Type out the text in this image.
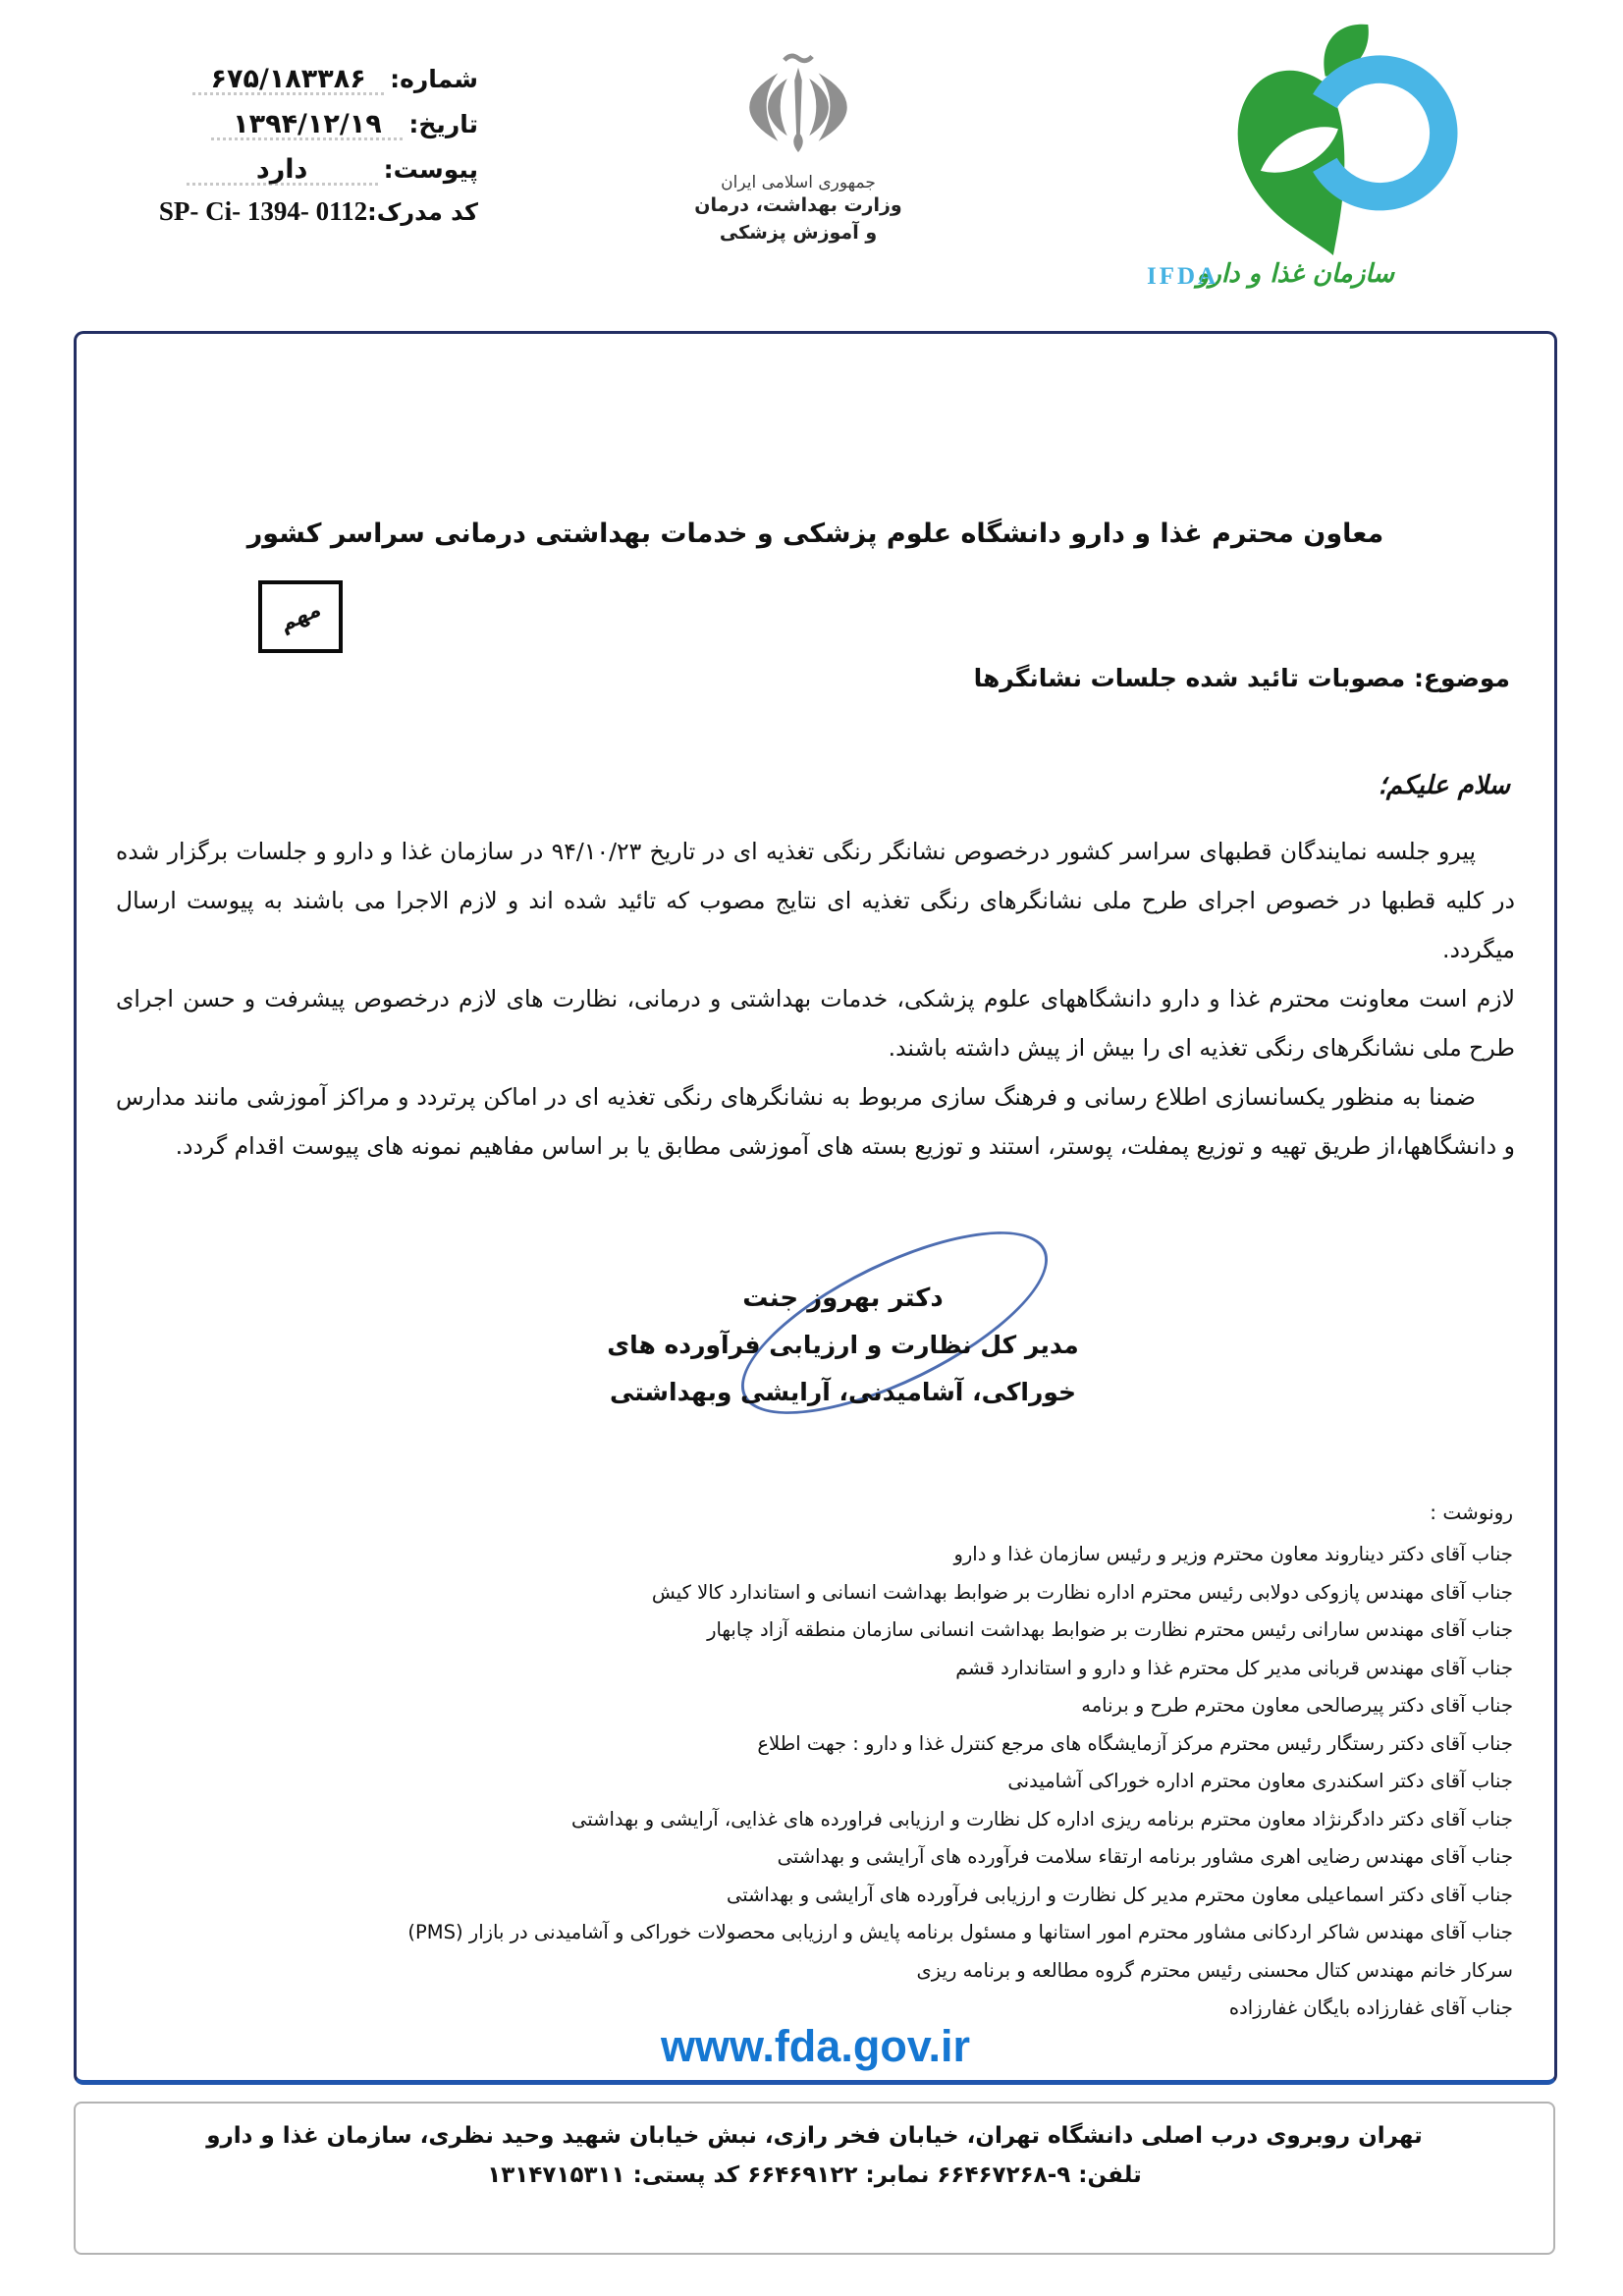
شماره:
۶۷۵/۱۸۳۳۸۶
تاریخ:
۱۳۹۴/۱۲/۱۹
پیوست:
دارد
کد مدرک:SP- Ci- 1394- 0112
جمهوری اسلامی ایران
وزارت بهداشت، درمان
و آموزش پزشکی
سازمان غذا و دارو
IFDA
معاون محترم غذا و دارو دانشگاه علوم پزشکی و خدمات بهداشتی درمانی سراسر کشور
مهم
موضوع: مصوبات تائید شده جلسات نشانگرها
سلام علیکم؛

پیرو جلسه نمایندگان قطبهای سراسر کشور درخصوص نشانگر رنگی تغذیه ای در تاریخ ۹۴/۱۰/۲۳ در سازمان غذا و دارو و جلسات برگزار شده در کلیه قطبها در خصوص اجرای طرح ملی نشانگرهای رنگی تغذیه ای نتایج مصوب که تائید شده اند و لازم الاجرا می باشند به پیوست ارسال میگردد.

لازم است معاونت محترم غذا و دارو دانشگاههای علوم پزشکی، خدمات بهداشتی و درمانی، نظارت های لازم درخصوص پیشرفت و حسن اجرای طرح ملی نشانگرهای رنگی تغذیه ای را بیش از پیش داشته باشند.

ضمنا به منظور یکسانسازی اطلاع رسانی و فرهنگ سازی مربوط به نشانگرهای رنگی تغذیه ای در اماکن پرتردد و مراکز آموزشی مانند مدارس و دانشگاهها،از طریق تهیه و توزیع پمفلت، پوستر، استند و توزیع بسته های آموزشی مطابق یا بر اساس مفاهیم نمونه های پیوست اقدام گردد.

دکتر بهروز جنت
مدیر کل نظارت و ارزیابی فرآورده های
خوراکی، آشامیدنی، آرایشی وبهداشتی
رونوشت :
جناب آقای دکتر دیناروند معاون محترم وزیر و رئیس سازمان غذا و دارو
جناب آقای مهندس پازوکی دولابی رئیس محترم اداره نظارت بر ضوابط بهداشت انسانی و استاندارد کالا کیش
جناب آقای مهندس سارانی رئیس محترم نظارت بر ضوابط بهداشت انسانی سازمان منطقه آزاد چابهار
جناب آقای مهندس قربانی مدیر کل محترم غذا و دارو و استاندارد قشم
جناب آقای دکتر پیرصالحی معاون محترم طرح و برنامه
جناب آقای دکتر رستگار رئیس محترم مرکز آزمایشگاه های مرجع کنترل غذا و دارو : جهت اطلاع
جناب آقای دکتر اسکندری معاون محترم اداره خوراکی آشامیدنی
جناب آقای دکتر دادگرنژاد معاون محترم برنامه ریزی اداره کل نظارت و ارزیابی فراورده های غذایی، آرایشی و بهداشتی
جناب آقای مهندس رضایی اهری مشاور برنامه ارتقاء سلامت فرآورده های آرایشی و بهداشتی
جناب آقای دکتر اسماعیلی معاون محترم مدیر کل نظارت و ارزیابی فرآورده های آرایشی و بهداشتی
جناب آقای مهندس شاکر اردکانی مشاور محترم امور استانها و مسئول برنامه پایش و ارزیابی محصولات خوراکی و آشامیدنی در بازار (PMS)
سرکار خانم مهندس کتال محسنی رئیس محترم گروه مطالعه و برنامه ریزی
جناب آقای غفارزاده بایگان غفارزاده
www.fda.gov.ir
تهران روبروی درب اصلی دانشگاه تهران، خیابان فخر رازی، نبش خیابان شهید وحید نظری، سازمان غذا و دارو
تلفن: ۹-۶۶۴۶۷۲۶۸ نمابر: ۶۶۴۶۹۱۲۲ کد پستی: ۱۳۱۴۷۱۵۳۱۱
